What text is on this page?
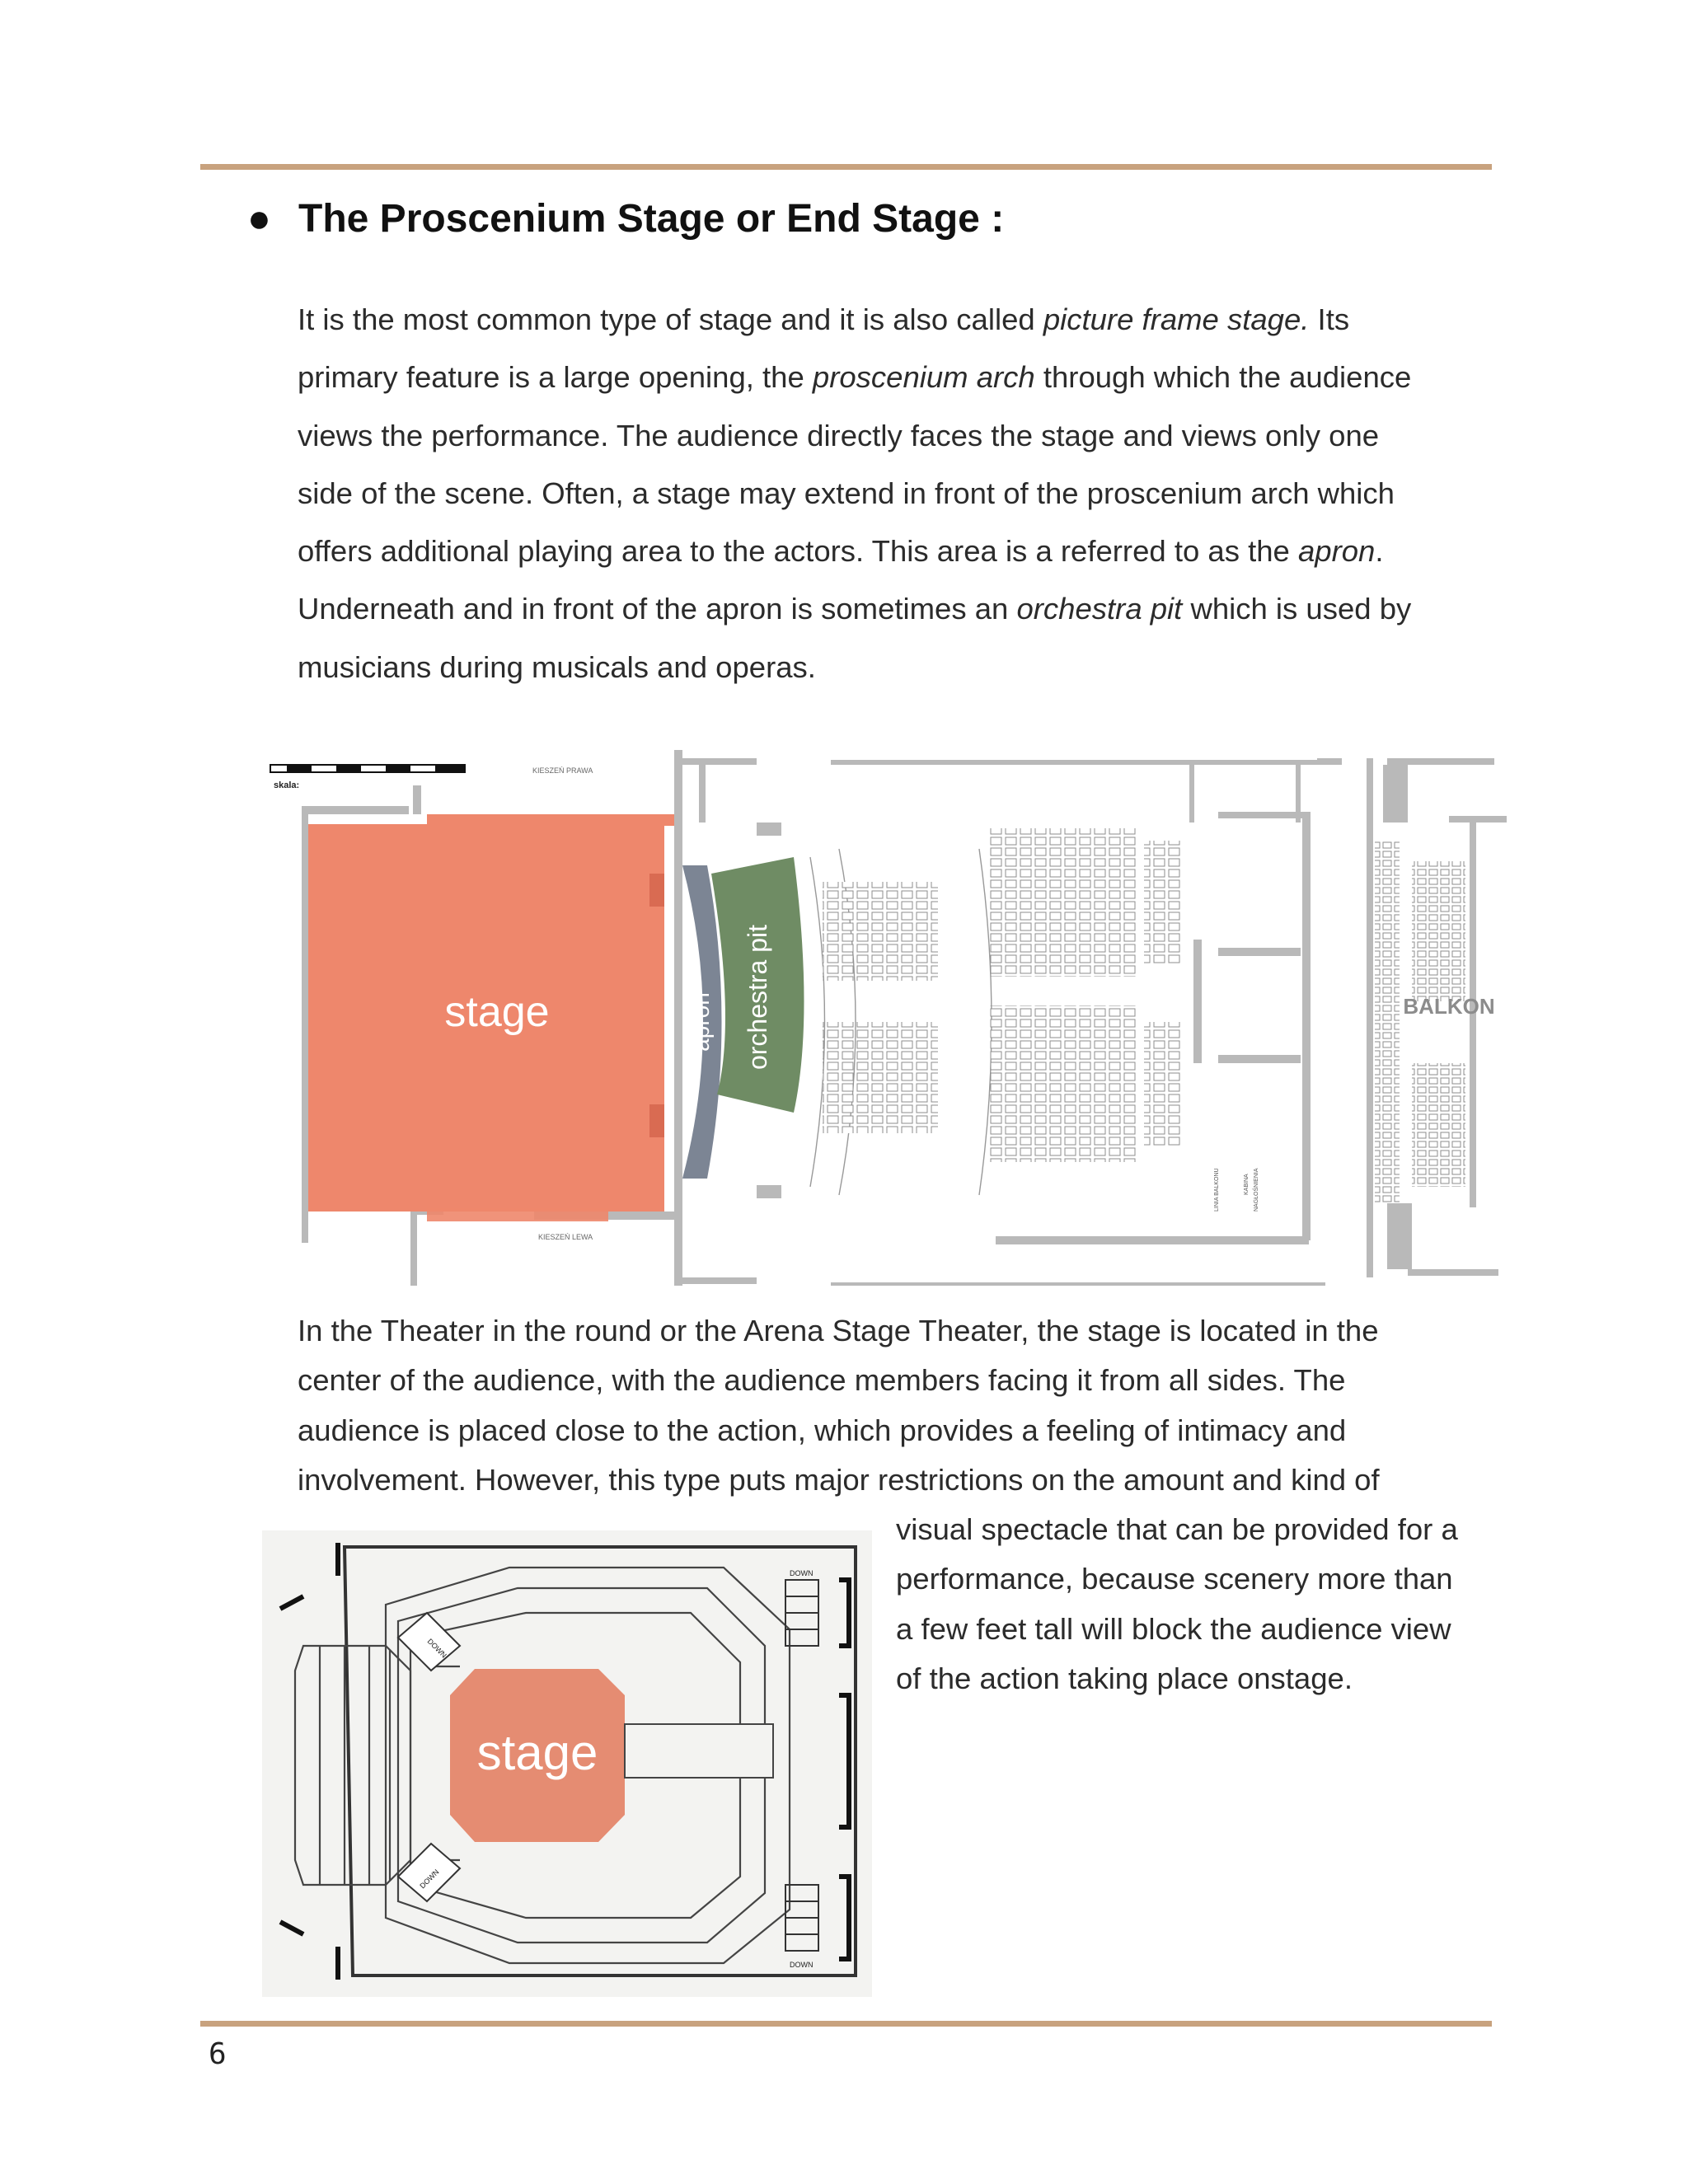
● The Proscenium Stage or End Stage :
It is the most common type of stage and it is also called picture frame stage. Its
primary feature is a large opening, the proscenium arch through which the audience
views the performance. The audience directly faces the stage and views only one
side of the scene. Often, a stage may extend in front of the proscenium arch which
offers additional playing area to the actors. This area is a referred to as the apron.
Underneath and in front of the apron is sometimes an orchestra pit which is used by
musicians during musicals and operas.
skala:
KIESZEŃ PRAWA
KIESZEŃ LEWA
stage	apron orchestra pit
LINIA BALKONU	KABINA NAGŁOŚNIENIA
BALKON
In the Theater in the round or the Arena Stage Theater, the stage is located in the
center of the audience, with the audience members facing it from all sides. The
audience is placed close to the action, which provides a feeling of intimacy and
involvement. However, this type puts major restrictions on the amount and kind of
visual spectacle that can be provided for a
performance, because scenery more than
a few feet tall will block the audience view
of the action taking place onstage.
stage
DOWN
DOWN
DOWN
DOWN
6
